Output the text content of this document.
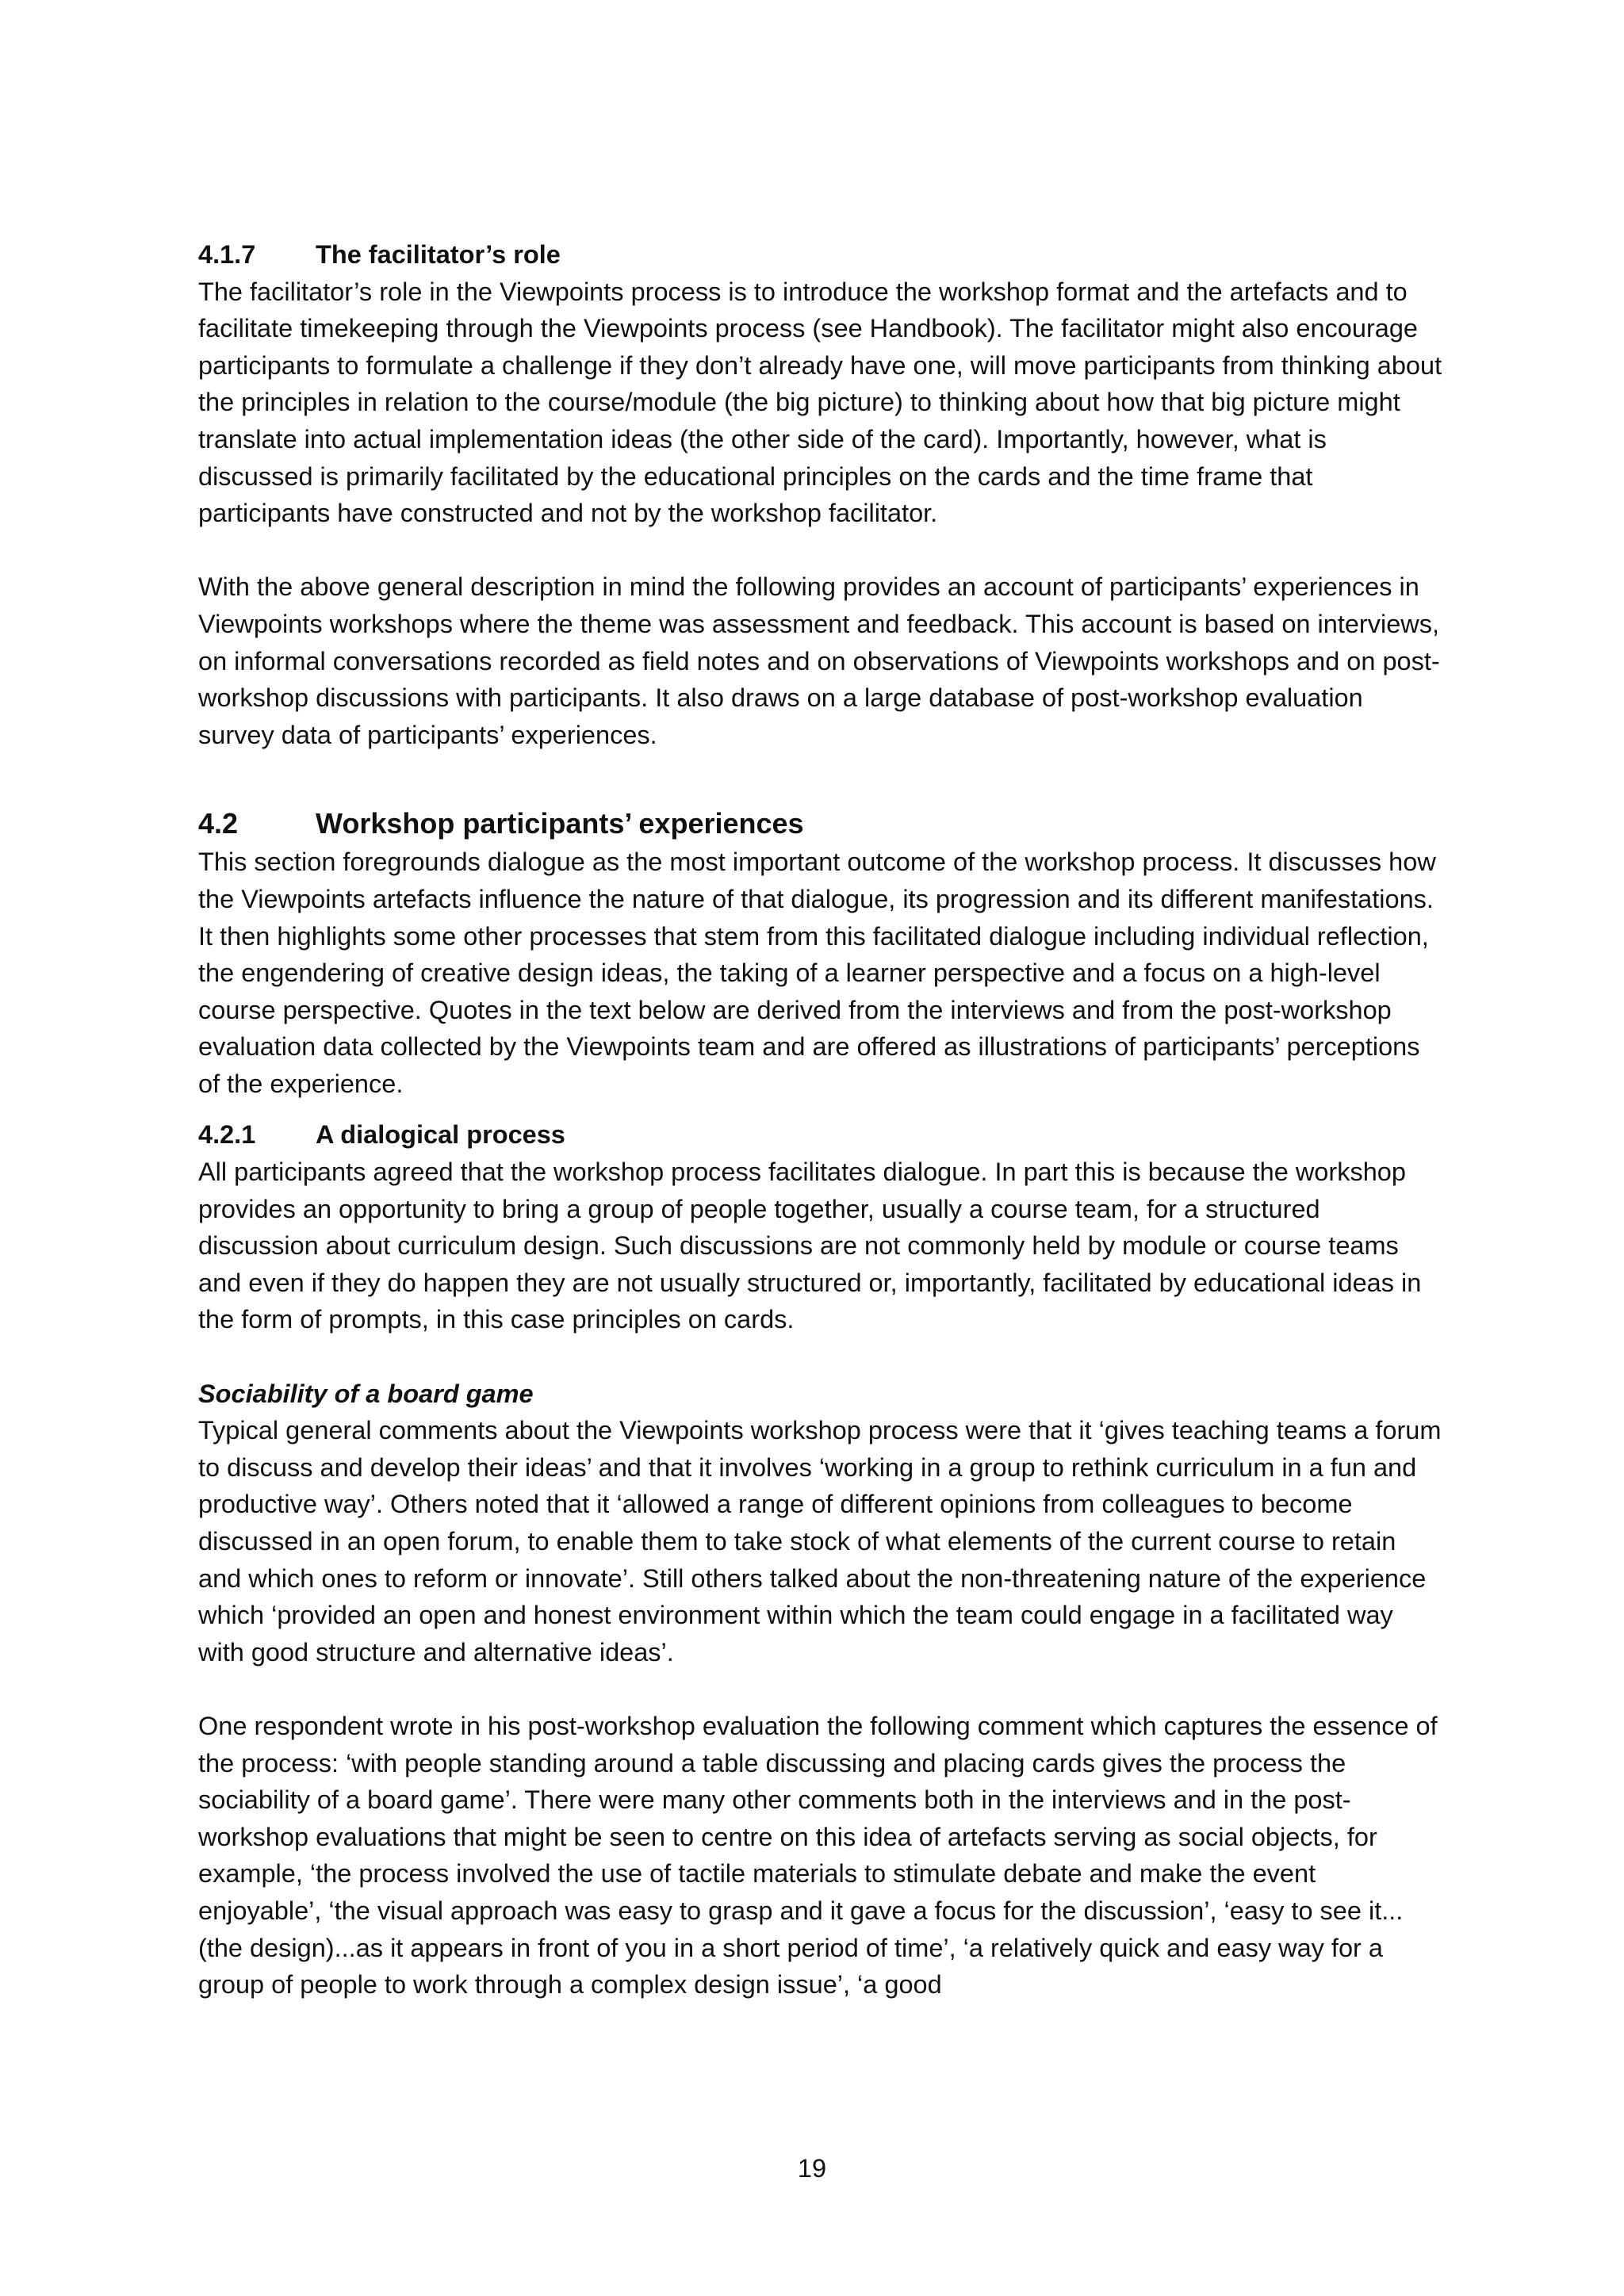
4.1.7	The facilitator’s role

The facilitator’s role in the Viewpoints process is to introduce the workshop format and the artefacts and to facilitate timekeeping through the Viewpoints process (see Handbook). The facilitator might also encourage participants to formulate a challenge if they don’t already have one, will move participants from thinking about the principles in relation to the course/module (the big picture) to thinking about how that big picture might translate into actual implementation ideas (the other side of the card). Importantly, however, what is discussed is primarily facilitated by the educational principles on the cards and the time frame that participants have constructed and not by the workshop facilitator.

With the above general description in mind the following provides an account of participants’ experiences in Viewpoints workshops where the theme was assessment and feedback. This account is based on interviews, on informal conversations recorded as field notes and on observations of Viewpoints workshops and on post-workshop discussions with participants. It also draws on a large database of post-workshop evaluation survey data of participants’ experiences.

4.2	Workshop participants’ experiences

This section foregrounds dialogue as the most important outcome of the workshop process. It discusses how the Viewpoints artefacts influence the nature of that dialogue, its progression and its different manifestations. It then highlights some other processes that stem from this facilitated dialogue including individual reflection, the engendering of creative design ideas, the taking of a learner perspective and a focus on a high-level course perspective. Quotes in the text below are derived from the interviews and from the post-workshop evaluation data collected by the Viewpoints team and are offered as illustrations of participants’ perceptions of the experience.

4.2.1	A dialogical process

All participants agreed that the workshop process facilitates dialogue. In part this is because the workshop provides an opportunity to bring a group of people together, usually a course team, for a structured discussion about curriculum design. Such discussions are not commonly held by module or course teams and even if they do happen they are not usually structured or, importantly, facilitated by educational ideas in the form of prompts, in this case principles on cards.

Sociability of a board game

Typical general comments about the Viewpoints workshop process were that it ‘gives teaching teams a forum to discuss and develop their ideas’ and that it involves ‘working in a group to rethink curriculum in a fun and productive way’. Others noted that it ‘allowed a range of different opinions from colleagues to become discussed in an open forum, to enable them to take stock of what elements of the current course to retain and which ones to reform or innovate’. Still others talked about the non-threatening nature of the experience which ‘provided an open and honest environment within which the team could engage in a facilitated way with good structure and alternative ideas’.

One respondent wrote in his post-workshop evaluation the following comment which captures the essence of the process: ‘with people standing around a table discussing and placing cards gives the process the sociability of a board game’. There were many other comments both in the interviews and in the post-workshop evaluations that might be seen to centre on this idea of artefacts serving as social objects, for example, ‘the process involved the use of tactile materials to stimulate debate and make the event enjoyable’, ‘the visual approach was easy to grasp and it gave a focus for the discussion’, ‘easy to see it...(the design)...as it appears in front of you in a short period of time’, ‘a relatively quick and easy way for a group of people to work through a complex design issue’, ‘a good

19
